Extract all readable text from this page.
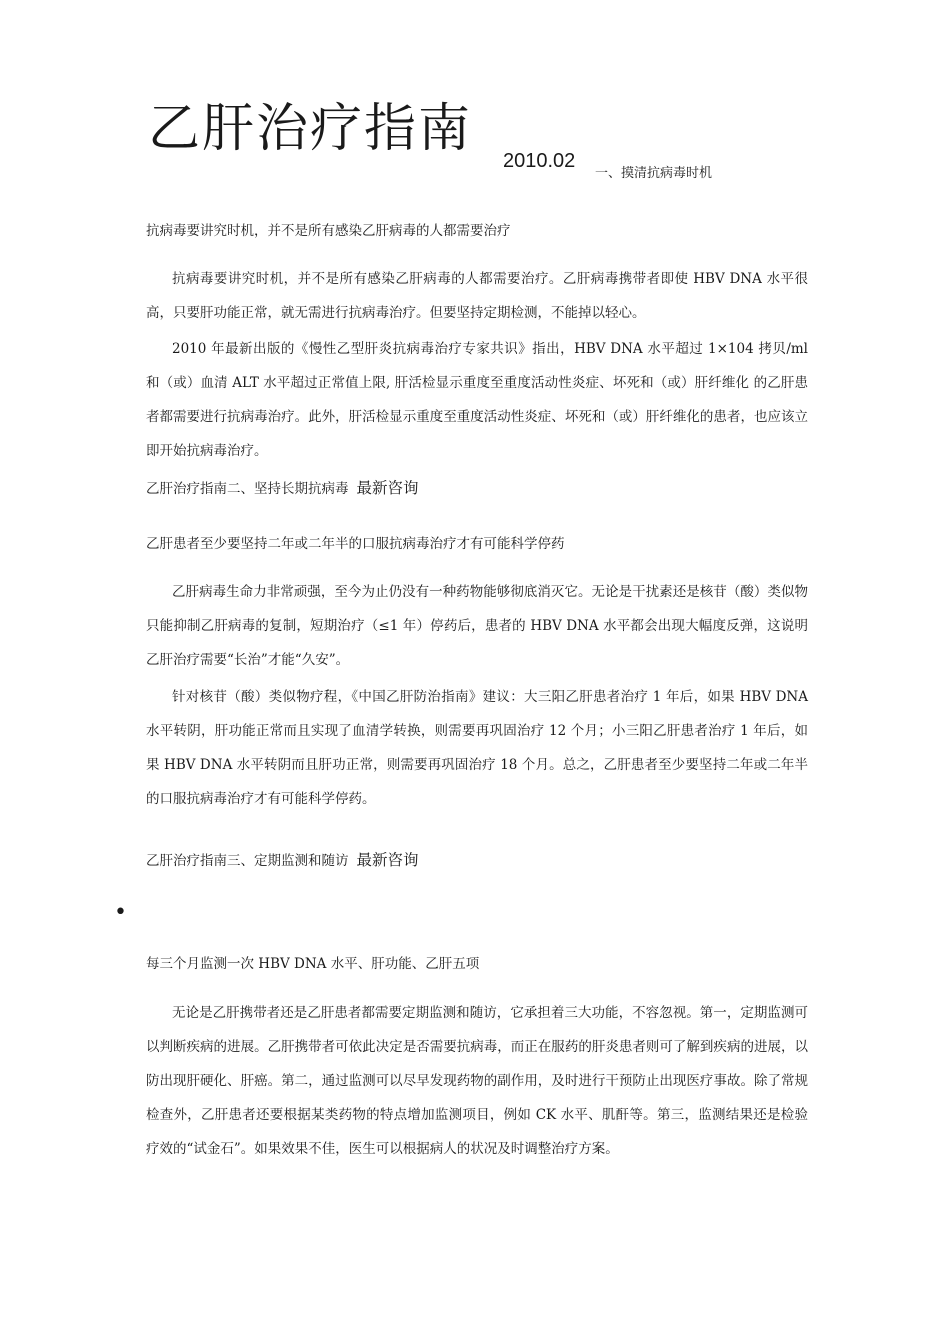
乙肝治疗指南
2010.02
一、摸清抗病毒时机
抗病毒要讲究时机，并不是所有感染乙肝病毒的人都需要治疗

抗病毒要讲究时机，并不是所有感染乙肝病毒的人都需要治疗。乙肝病毒携带者即使 HBV DNA 水平很高，只要肝功能正常，就无需进行抗病毒治疗。但要坚持定期检测，不能掉以轻心。

2010 年最新出版的《慢性乙型肝炎抗病毒治疗专家共识》指出，HBV DNA 水平超过 1×104 拷贝/ml 和（或）血清 ALT 水平超过正常值上限, 肝活检显示重度至重度活动性炎症、坏死和（或）肝纤维化 的乙肝患者都需要进行抗病毒治疗。此外，肝活检显示重度至重度活动性炎症、坏死和（或）肝纤维化的患者，也应该立即开始抗病毒治疗。

乙肝治疗指南二、坚持长期抗病毒 最新咨询
乙肝患者至少要坚持二年或二年半的口服抗病毒治疗才有可能科学停药

乙肝病毒生命力非常顽强，至今为止仍没有一种药物能够彻底消灭它。无论是干扰素还是核苷（酸）类似物只能抑制乙肝病毒的复制，短期治疗（≤1 年）停药后，患者的 HBV DNA 水平都会出现大幅度反弹，这说明乙肝治疗需要“长治”才能“久安”。

针对核苷（酸）类似物疗程，《中国乙肝防治指南》建议：大三阳乙肝患者治疗 1 年后，如果 HBV DNA 水平转阴，肝功能正常而且实现了血清学转换，则需要再巩固治疗 12 个月；小三阳乙肝患者治疗 1 年后，如果 HBV DNA 水平转阴而且肝功正常，则需要再巩固治疗 18 个月。总之，乙肝患者至少要坚持二年或二年半的口服抗病毒治疗才有可能科学停药。

乙肝治疗指南三、定期监测和随访 最新咨询
•
每三个月监测一次 HBV DNA 水平、肝功能、乙肝五项

无论是乙肝携带者还是乙肝患者都需要定期监测和随访，它承担着三大功能，不容忽视。第一，定期监测可以判断疾病的进展。乙肝携带者可依此决定是否需要抗病毒，而正在服药的肝炎患者则可了解到疾病的进展，以防出现肝硬化、肝癌。第二，通过监测可以尽早发现药物的副作用，及时进行干预防止出现医疗事故。除了常规检查外，乙肝患者还要根据某类药物的特点增加监测项目，例如 CK 水平、肌酐等。第三，监测结果还是检验疗效的“试金石”。如果效果不佳，医生可以根据病人的状况及时调整治疗方案。
